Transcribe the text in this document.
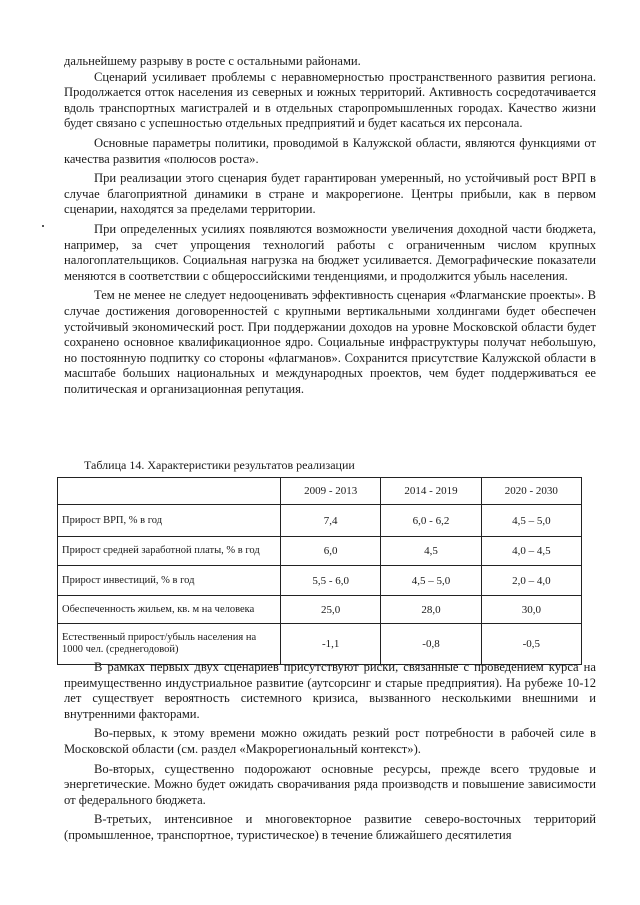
дальнейшему разрыву в росте с остальными районами.

Сценарий усиливает проблемы с неравномерностью пространственного развития региона. Продолжается отток населения из северных и южных территорий. Активность сосредотачивается вдоль транспортных магистралей и в отдельных старопромышленных городах. Качество жизни будет связано с успешностью отдельных предприятий и будет касаться их персонала.

Основные параметры политики, проводимой в Калужской области, являются функциями от качества развития «полюсов роста».

При реализации этого сценария будет гарантирован умеренный, но устойчивый рост ВРП в случае благоприятной динамики в стране и макрорегионе. Центры прибыли, как в первом сценарии, находятся за пределами территории.

При определенных усилиях появляются возможности увеличения доходной части бюджета, например, за счет упрощения технологий работы с ограниченным числом крупных налогоплательщиков. Социальная нагрузка на бюджет усиливается. Демографические показатели меняются в соответствии с общероссийскими тенденциями, и продолжится убыль населения.

Тем не менее не следует недооценивать эффективность сценария «Флагманские проекты». В случае достижения договоренностей с крупными вертикальными холдингами будет обеспечен устойчивый экономический рост. При поддержании доходов на уровне Московской области будет сохранено основное квалификационное ядро. Социальные инфраструктуры получат небольшую, но постоянную подпитку со стороны «флагманов». Сохранится присутствие Калужской области в масштабе больших национальных и международных проектов, чем будет поддерживаться ее политическая и организационная репутация.

Таблица 14. Характеристики результатов реализации
	2009 - 2013	2014 - 2019	2020 - 2030
Прирост ВРП, % в год	7,4	6,0 - 6,2	4,5 – 5,0
Прирост средней заработной платы, % в год	6,0	4,5	4,0 – 4,5
Прирост инвестиций, % в год	5,5 - 6,0	4,5 – 5,0	2,0 – 4,0
Обеспеченность жильем, кв. м на человека	25,0	28,0	30,0
Естественный прирост/убыль населения на 1000 чел. (среднегодовой)	-1,1	-0,8	-0,5

В рамках первых двух сценариев присутствуют риски, связанные с проведением курса на преимущественно индустриальное развитие (аутсорсинг и старые предприятия). На рубеже 10-12 лет существует вероятность системного кризиса, вызванного несколькими внешними и внутренними факторами.

Во-первых, к этому времени можно ожидать резкий рост потребности в рабочей силе в Московской области (см. раздел «Макрорегиональный контекст»).

Во-вторых, существенно подорожают основные ресурсы, прежде всего трудовые и энергетические. Можно будет ожидать сворачивания ряда производств и повышение зависимости от федерального бюджета.

В-третьих, интенсивное и многовекторное развитие северо-восточных территорий (промышленное, транспортное, туристическое) в течение ближайшего десятилетия
